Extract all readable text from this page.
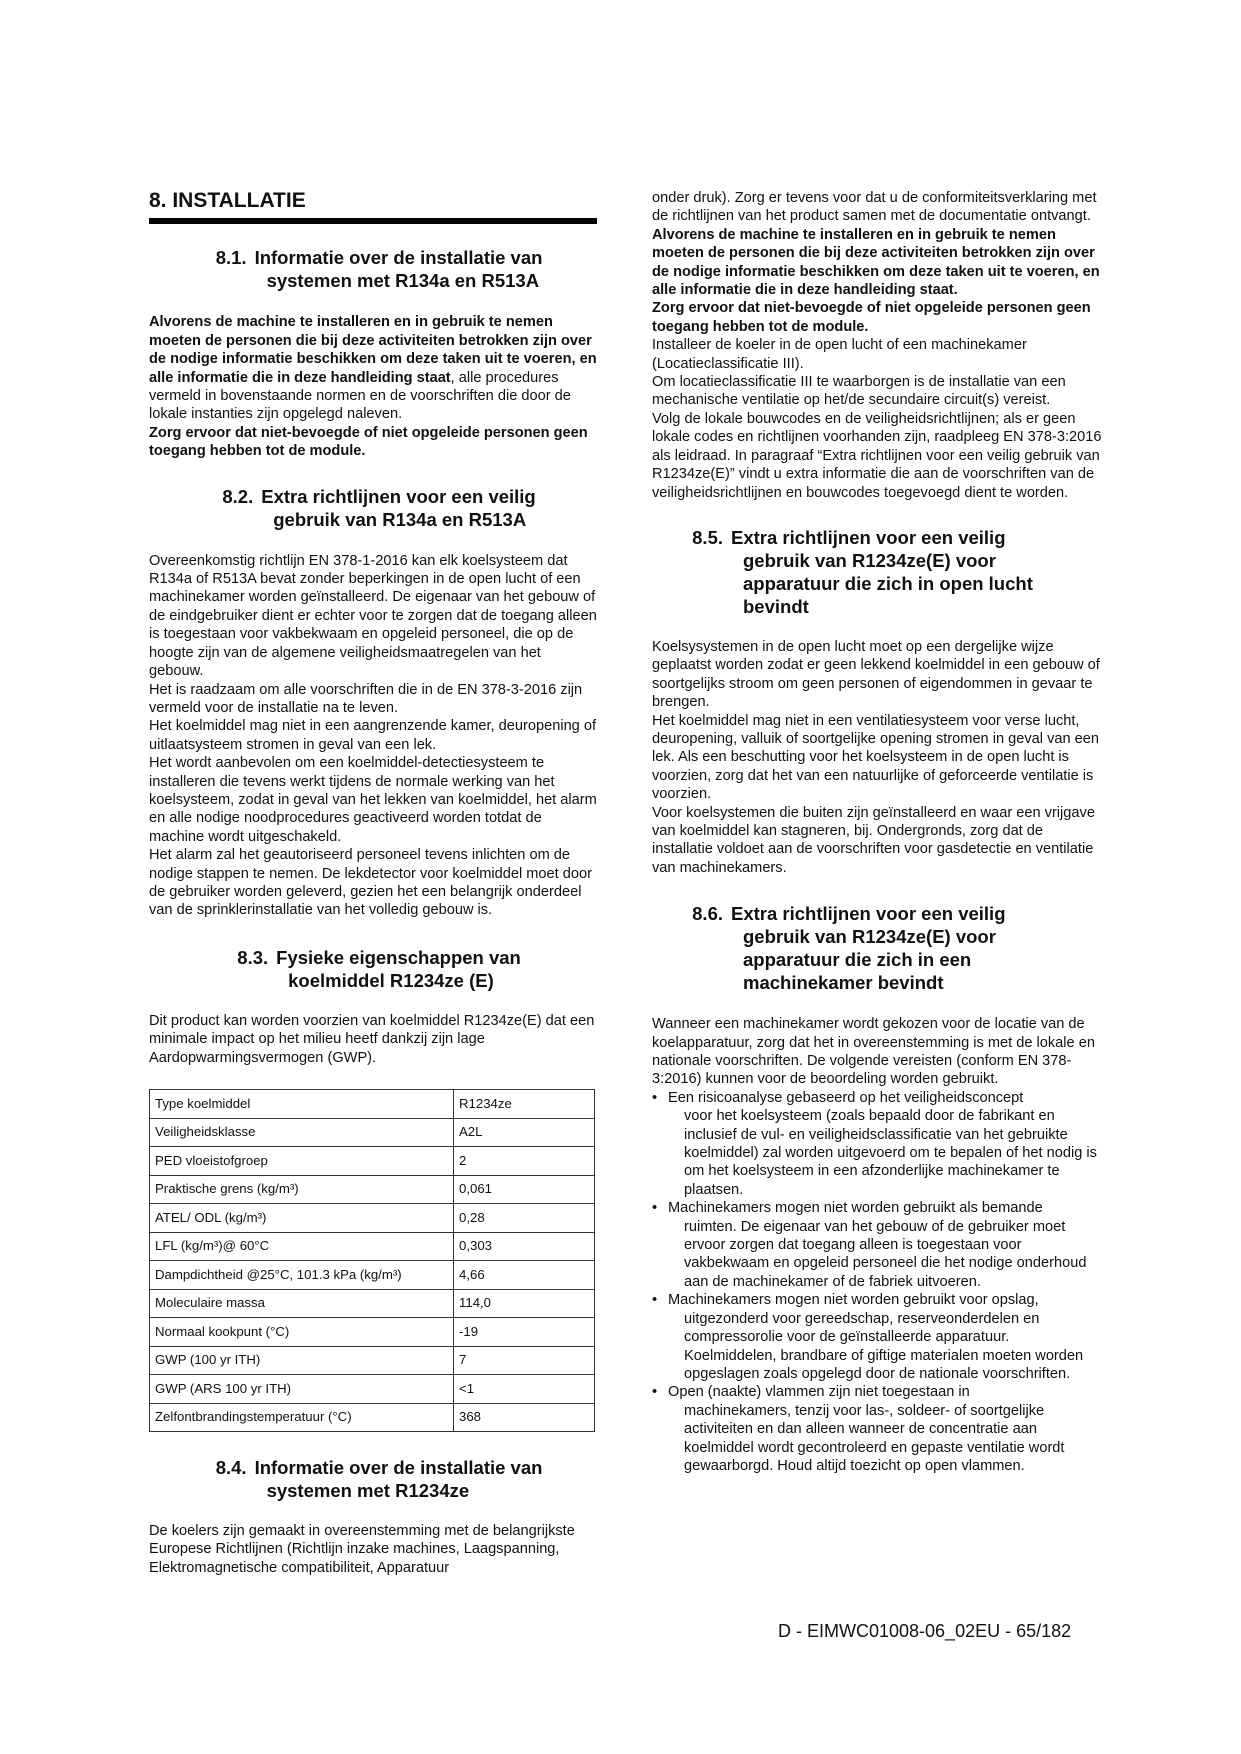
8. INSTALLATIE
8.1. Informatie over de installatie van

systemen met R134a en R513A

Alvorens de machine te installeren en in gebruik te nemen moeten de personen die bij deze activiteiten betrokken zijn over de nodige informatie beschikken om deze taken uit te voeren, en alle informatie die in deze handleiding staat, alle procedures vermeld in bovenstaande normen en de voorschriften die door de lokale instanties zijn opgelegd naleven.

Zorg ervoor dat niet-bevoegde of niet opgeleide personen geen toegang hebben tot de module.

8.2. Extra richtlijnen voor een veilig

gebruik van R134a en R513A

Overeenkomstig richtlijn EN 378-1-2016 kan elk koelsysteem dat R134a of R513A bevat zonder beperkingen in de open lucht of een machinekamer worden geïnstalleerd. De eigenaar van het gebouw of de eindgebruiker dient er echter voor te zorgen dat de toegang alleen is toegestaan voor vakbekwaam en opgeleid personeel, die op de hoogte zijn van de algemene veiligheidsmaatregelen van het gebouw.

Het is raadzaam om alle voorschriften die in de EN 378-3-2016 zijn vermeld voor de installatie na te leven.

Het koelmiddel mag niet in een aangrenzende kamer, deuropening of uitlaatsysteem stromen in geval van een lek.

Het wordt aanbevolen om een koelmiddel-detectiesysteem te installeren die tevens werkt tijdens de normale werking van het koelsysteem, zodat in geval van het lekken van koelmiddel, het alarm en alle nodige noodprocedures geactiveerd worden totdat de machine wordt uitgeschakeld.

Het alarm zal het geautoriseerd personeel tevens inlichten om de nodige stappen te nemen. De lekdetector voor koelmiddel moet door de gebruiker worden geleverd, gezien het een belangrijk onderdeel van de sprinklerinstallatie van het volledig gebouw is.

8.3. Fysieke eigenschappen van

koelmiddel R1234ze (E)

Dit product kan worden voorzien van koelmiddel R1234ze(E) dat een minimale impact op het milieu heetf dankzij zijn lage Aardopwarmingsvermogen (GWP).

Type koelmiddel	R1234ze
Veiligheidsklasse	A2L
PED vloeistofgroep	2
Praktische grens (kg/m³)	0,061
ATEL/ ODL (kg/m³)	0,28
LFL (kg/m³)@ 60°C	0,303
Dampdichtheid @25°C, 101.3 kPa (kg/m³)	4,66
Moleculaire massa	114,0
Normaal kookpunt (°C)	-19
GWP (100 yr ITH)	7
GWP (ARS 100 yr ITH)	<1
Zelfontbrandingstemperatuur (°C)	368
8.4. Informatie over de installatie van

systemen met R1234ze

De koelers zijn gemaakt in overeenstemming met de belangrijkste Europese Richtlijnen (Richtlijn inzake machines, Laagspanning, Elektromagnetische compatibiliteit, Apparatuur

onder druk). Zorg er tevens voor dat u de conformiteitsverklaring met de richtlijnen van het product samen met de documentatie ontvangt.

Alvorens de machine te installeren en in gebruik te nemen moeten de personen die bij deze activiteiten betrokken zijn over de nodige informatie beschikken om deze taken uit te voeren, en alle informatie die in deze handleiding staat.

Zorg ervoor dat niet-bevoegde of niet opgeleide personen geen toegang hebben tot de module.

Installeer de koeler in de open lucht of een machinekamer (Locatieclassificatie III).

Om locatieclassificatie III te waarborgen is de installatie van een mechanische ventilatie op het/de secundaire circuit(s) vereist.

Volg de lokale bouwcodes en de veiligheidsrichtlijnen; als er geen lokale codes en richtlijnen voorhanden zijn, raadpleeg EN 378-3:2016 als leidraad. In paragraaf “Extra richtlijnen voor een veilig gebruik van R1234ze(E)” vindt u extra informatie die aan de voorschriften van de veiligheidsrichtlijnen en bouwcodes toegevoegd dient te worden.

8.5. Extra richtlijnen voor een veilig
gebruik van R1234ze(E) voor
apparatuur die zich in open lucht
bevindt

Koelsysystemen in de open lucht moet op een dergelijke wijze geplaatst worden zodat er geen lekkend koelmiddel in een gebouw of soortgelijks stroom om geen personen of eigendommen in gevaar te brengen.

Het koelmiddel mag niet in een ventilatiesysteem voor verse lucht, deuropening, valluik of soortgelijke opening stromen in geval van een lek. Als een beschutting voor het koelsysteem in de open lucht is voorzien, zorg dat het van een natuurlijke of geforceerde ventilatie is voorzien.

Voor koelsystemen die buiten zijn geïnstalleerd en waar een vrijgave van koelmiddel kan stagneren, bij. Ondergronds, zorg dat de installatie voldoet aan de voorschriften voor gasdetectie en ventilatie van machinekamers.

8.6. Extra richtlijnen voor een veilig
gebruik van R1234ze(E) voor
apparatuur die zich in een
machinekamer bevindt

Wanneer een machinekamer wordt gekozen voor de locatie van de koelapparatuur, zorg dat het in overeenstemming is met de lokale en nationale voorschriften. De volgende vereisten (conform EN 378-3:2016) kunnen voor de beoordeling worden gebruikt.

• Een risicoanalyse gebaseerd op het veiligheidsconcept
voor het koelsysteem (zoals bepaald door de fabrikant en inclusief de vul- en veiligheidsclassificatie van het gebruikte koelmiddel) zal worden uitgevoerd om te bepalen of het nodig is om het koelsysteem in een afzonderlijke machinekamer te plaatsen.
• Machinekamers mogen niet worden gebruikt als bemande
ruimten. De eigenaar van het gebouw of de gebruiker moet ervoor zorgen dat toegang alleen is toegestaan voor vakbekwaam en opgeleid personeel die het nodige onderhoud aan de machinekamer of de fabriek uitvoeren.
• Machinekamers mogen niet worden gebruikt voor opslag,
uitgezonderd voor gereedschap, reserveonderdelen en compressorolie voor de geïnstalleerde apparatuur. Koelmiddelen, brandbare of giftige materialen moeten worden opgeslagen zoals opgelegd door de nationale voorschriften.
• Open (naakte) vlammen zijn niet toegestaan in
machinekamers, tenzij voor las-, soldeer- of soortgelijke activiteiten en dan alleen wanneer de concentratie aan koelmiddel wordt gecontroleerd en gepaste ventilatie wordt gewaarborgd. Houd altijd toezicht op open vlammen.
D - EIMWC01008-06_02EU - 65/182
